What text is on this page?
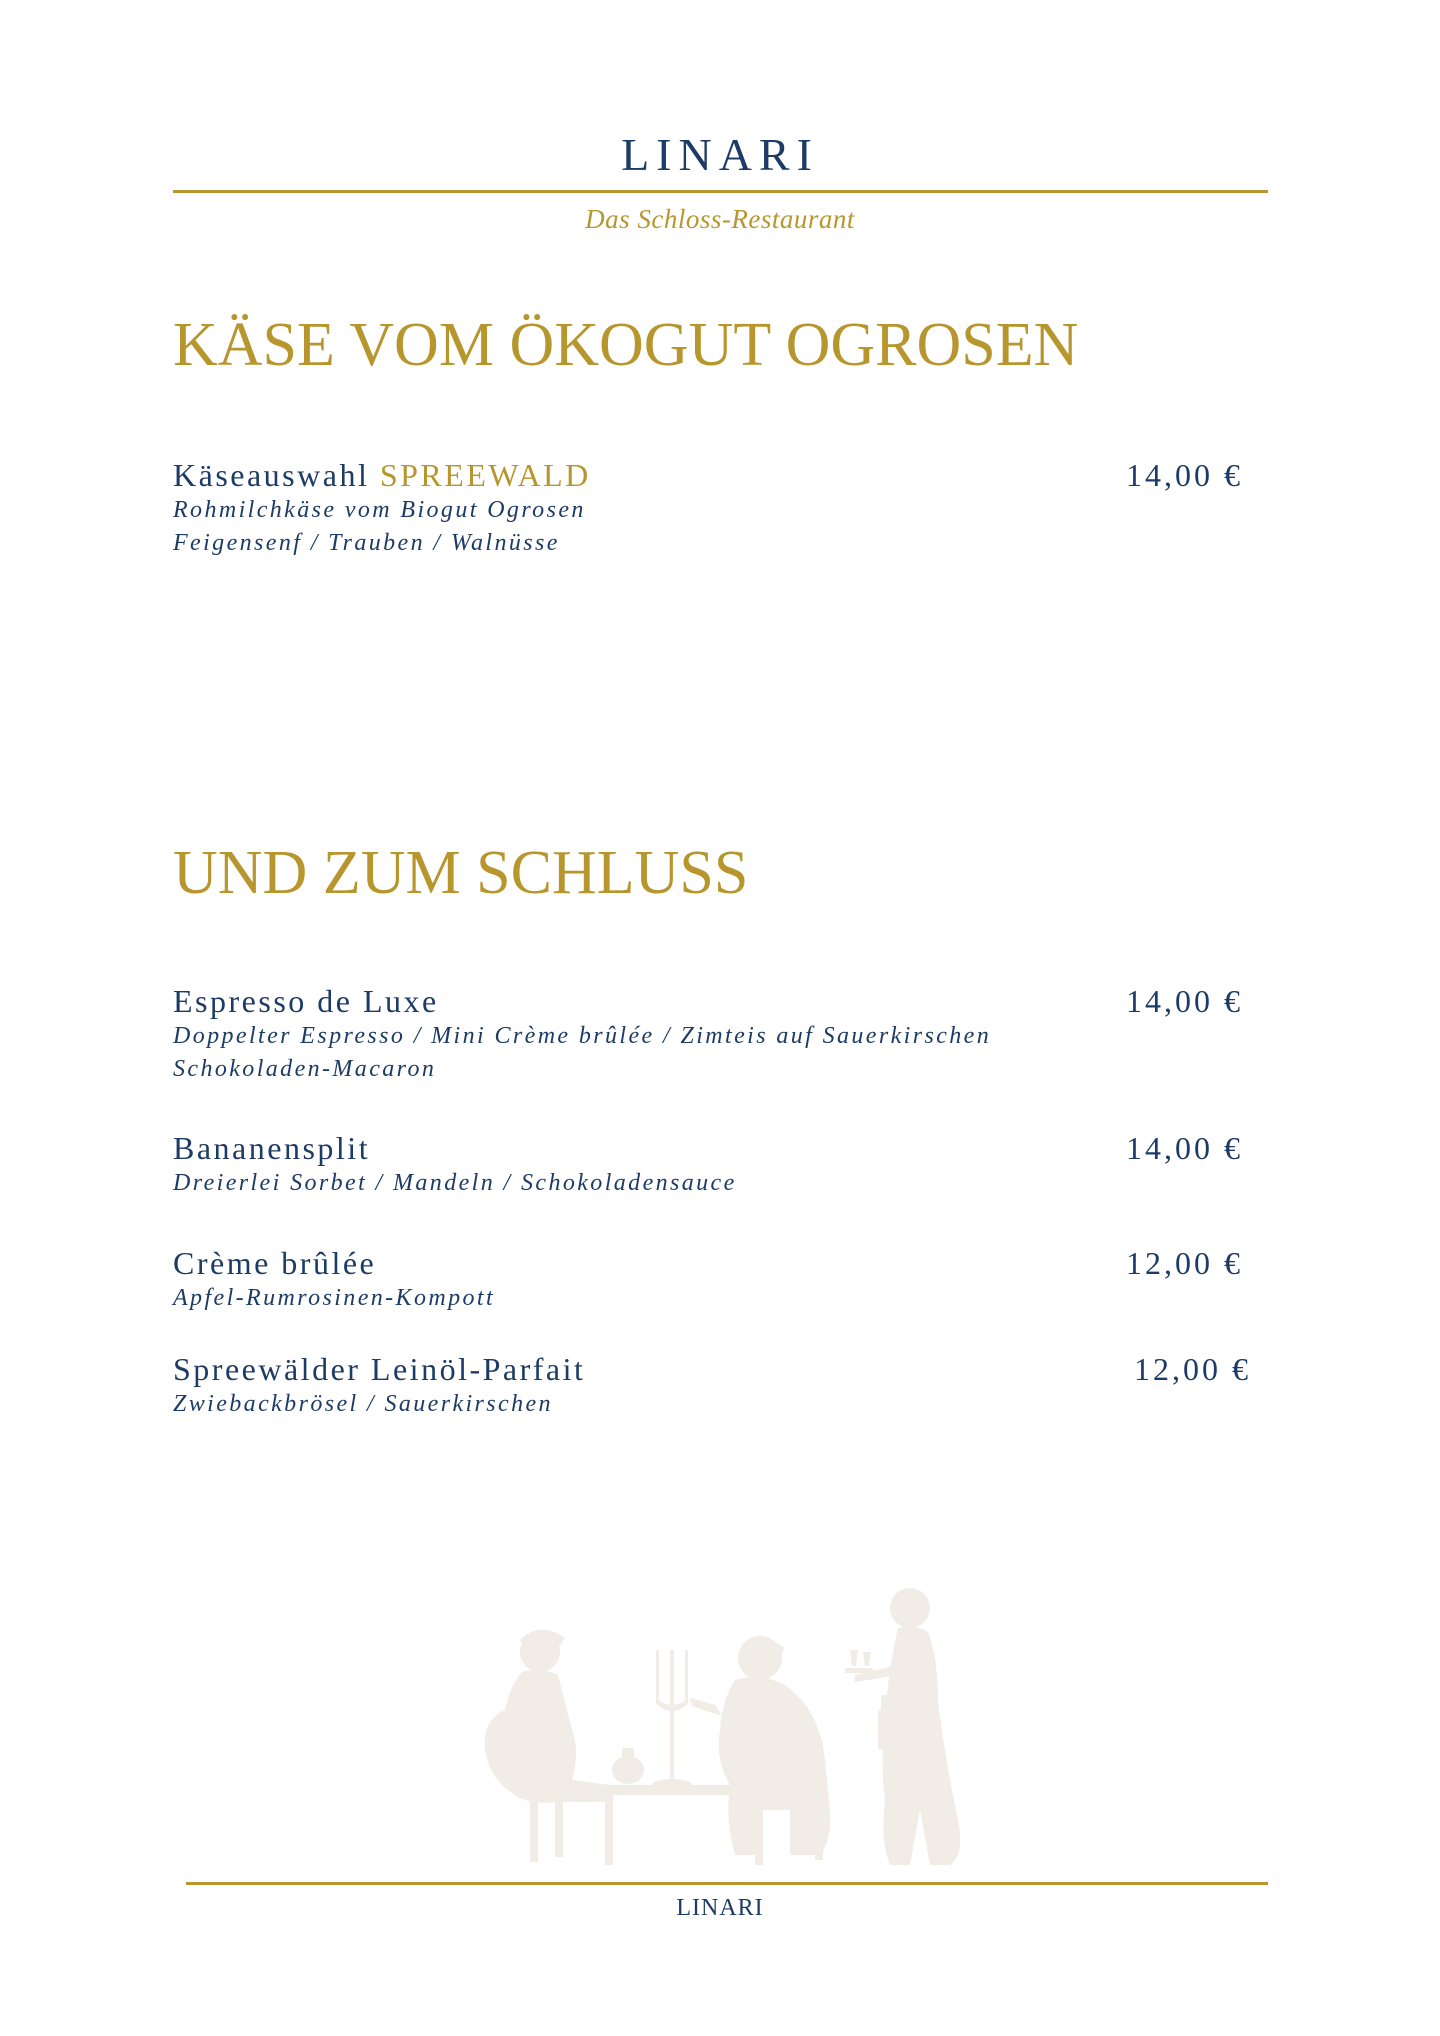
LINARI
Das Schloss-Restaurant
KÄSE VOM ÖKOGUT OGROSEN
Käseauswahl SPREEWALD	14,00 €
Rohmilchkäse vom Biogut Ogrosen
Feigensenf / Trauben / Walnüsse
UND ZUM SCHLUSS
Espresso de Luxe	14,00 €
Doppelter Espresso / Mini Crème brûlée / Zimteis auf Sauerkirschen
Schokoladen-Macaron
Bananensplit	14,00 €
Dreierlei Sorbet / Mandeln / Schokoladensauce
Crème brûlée	12,00 €
Apfel-Rumrosinen-Kompott
Spreewälder Leinöl-Parfait	12,00 €
Zwiebackbrösel / Sauerkirschen
LINARI
